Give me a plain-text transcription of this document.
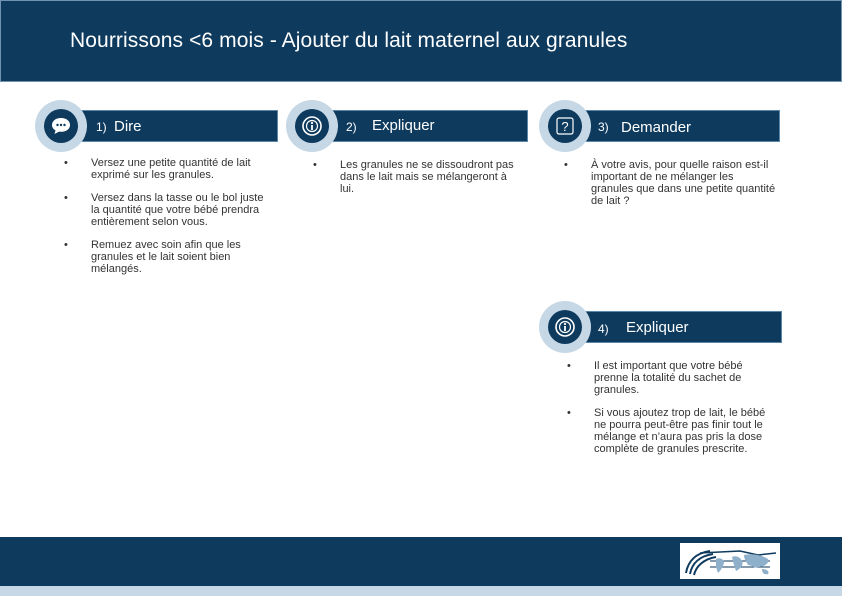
Nourrissons <6 mois - Ajouter du lait maternel aux granules
1) Dire
• Versez une petite quantité de lait exprimé sur les granules.
• Versez dans la tasse ou le bol juste la quantité que votre bébé prendra entièrement selon vous.
• Remuez avec soin afin que les granules et le lait soient bien mélangés.
2) Expliquer
• Les granules ne se dissoudront pas dans le lait mais se mélangeront à lui.
3) Demander
?
• À votre avis, pour quelle raison est-il important de ne mélanger les granules que dans une petite quantité de lait ?
4) Expliquer
• Il est important que votre bébé prenne la totalité du sachet de granules.
• Si vous ajoutez trop de lait, le bébé ne pourra peut-être pas finir tout le mélange et n’aura pas pris la dose complète de granules prescrite.
